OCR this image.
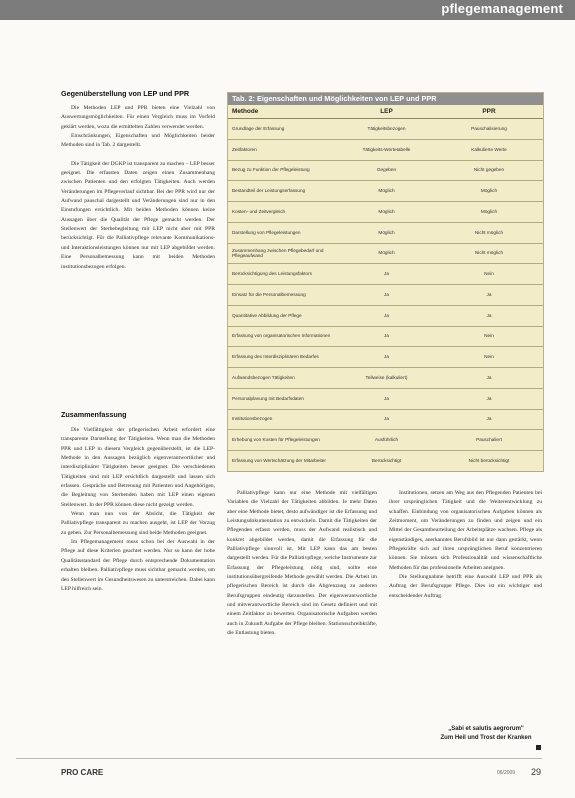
pflegemanagement
Gegenüberstellung von LEP und PPR

Die Methoden LEP und PPR bieten eine Vielzahl von Auswertungsmöglichkeiten. Für einen Vergleich muss im Vorfeld geklärt werden, wozu die ermittelten Zahlen verwendet werden.

Einschränkungen, Eigenschaften und Möglichkeiten beider Methoden sind in Tab. 2 dargestellt.

Die Tätigkeit der DGKP ist transparent zu machen – LEP besser geeignet. Die erfassten Daten zeigen einen Zusammenhang zwischen Patienten und den erfolgten Tätigkeiten. Auch werden Veränderungen im Pflegeverlauf sichtbar. Bei der PPR wird nur der Aufwand pauschal dargestellt und Veränderungen sind nur in den Einstufungen ersichtlich. Mit beiden Methoden können keine Aussagen über die Qualität der Pflege gemacht werden. Der Stellenwert der Sterbebegleitung mit LEP nicht aber mit PPR berücksichtigt. Für die Palliativpflege relevante Kommunikations- und Interaktionsleistungen können nur mit LEP abgebildet werden. Eine Personalbemessung kann mit beiden Methoden institutionsbezogen erfolgen.

Zusammenfassung

Die Vielfältigkeit der pflegerischen Arbeit erfordert eine transparente Darstellung der Tätigkeiten. Wenn man die Methoden PPR und LEP in diesem Vergleich gegenüberstellt, ist die LEP-Methode in den Aussagen bezüglich eigenverantwortlicher und interdisziplinärer Tätigkeiten besser geeignet. Die verschiedenen Tätigkeiten sind mit LEP ersichtlich dargestellt und lassen sich erfassen. Gespräche und Betreuung mit Patienten und Angehörigen, die Begleitung von Sterbenden haben mit LEP einen eigenen Stellenwert. In der PPR können diese nicht gezeigt werden.

Wenn man nun von der Absicht, die Tätigkeit der Palliativpflege transparent zu machen ausgeht, ist LEP der Vorzug zu geben. Zur Personalbemessung sind beide Methoden geeignet.

Im Pflegemanagement muss schon bei der Auswahl in der Pflege auf diese Kriterien geachtet werden. Nur so kann der hohe Qualitätsstandard der Pflege durch entsprechende Dokumentation erhalten bleiben. Palliativpflege muss sichtbar gemacht werden, um den Stellenwert im Gesundheitswesen zu unterstreichen. Dabei kann LEP hilfreich sein.

Tab. 2: Eigenschaften und Möglichkeiten von LEP und PPR
Methode	LEP	PPR
Grundlage der Erfassung	Tätigkeitsbezogen	Pauschalisierung
Zeitfaktoren	Tätigkeits-Wertetabelle	Kalkulierte Werte
Bezug zu Funktion der Pflegeleistung	Gegeben	Nicht gegeben
Bestandteil der Leistungserfassung	Möglich	Möglich
Kosten- und Zeitvergleich	Möglich	Möglich
Darstellung von Pflegeleistungen	Möglich	Nicht möglich
Zusammenhang zwischen Pflegebedarf und Pflegeaufwand
Möglich	Nicht möglich
Berücksichtigung des Leistungsfaktors	Ja	Nein
Einsatz für die Personalbemessung	Ja	Ja
Quantitative Abbildung der Pflege	Ja	Ja
Erfassung von organisatorischen Informationen	Ja	Nein
Erfassung des Interdisziplinären Bedarfes	Ja	Nein
Aufwandsbezogen Tätigkeiten	Teilweise (kalkuliert)	Ja
Personalplanung mit Bedarfsdaten	Ja	Ja
Institutionsbezogen	Ja	Ja
Erhebung von Kosten für Pflegeleistungen	Ausführlich	Pauschaliert
Erfassung von Wertschätzung der Mitarbeiter	Berücksichtigt	Nicht berücksichtigt

Palliativpflege kann nur eine Methode mit vielfältigen Variablen die Vielzahl der Tätigkeiten abbilden. Je mehr Daten aber eine Methode bietet, desto aufwändiger ist die Erfassung und Leistungsdokumentation zu entwickeln. Damit die Tätigkeiten der Pflegenden erfasst werden, muss der Aufwand realistisch und konkret abgebildet werden, damit die Erfassung für die Palliativpflege sinnvoll ist. Mit LEP kann das am besten dargestellt werden. Für die Palliativpflege, welche Instrumente zur Erfassung der Pflegeleistung nötig sind, sollte eine institutionsübergreifende Methode gewählt werden. Die Arbeit im pflegerischen Bereich ist durch die Abgrenzung zu anderen Berufsgruppen eindeutig darzustellen. Der eigenverantwortliche und mitverantwortliche Bereich sind im Gesetz definiert und mit einem Zeitfaktor zu bewerten. Organisatorische Aufgaben werden auch in Zukunft Aufgabe der Pflege bleiben. Stationsschreibkräfte, die Entlastung bieten.

Institutionen, setzen am Weg aus den Pflegenden Patienten bei ihrer ursprünglichen Tätigkeit und die Weiterentwicklung zu schaffen. Einbindung von organisatorischen Aufgaben können als Zeitmoment, um Veränderungen zu finden und zeigen und ein Mittel der Gesamtbeurteilung der Arbeitsplätze wachsen. Pflege als eigenständiges, anerkanntes Berufsbild ist nur dann gestärkt, wenn Pflegekräfte sich auf ihren ursprünglichen Beruf konzentrieren können. Sie müssen sich Professionalität und wissenschaftliche Methoden für das professionelle Arbeiten aneignen.

Die Stellungnahme betrifft eine Auswahl LEP und PPR als Auftrag der Berufsgruppe Pflege. Dies ist ein wichtiger und entscheidender Auftrag.

„Sabi et salutis aegrorum"
Zum Heil und Trost der Kranken
PRO CARE	06/2009 29
